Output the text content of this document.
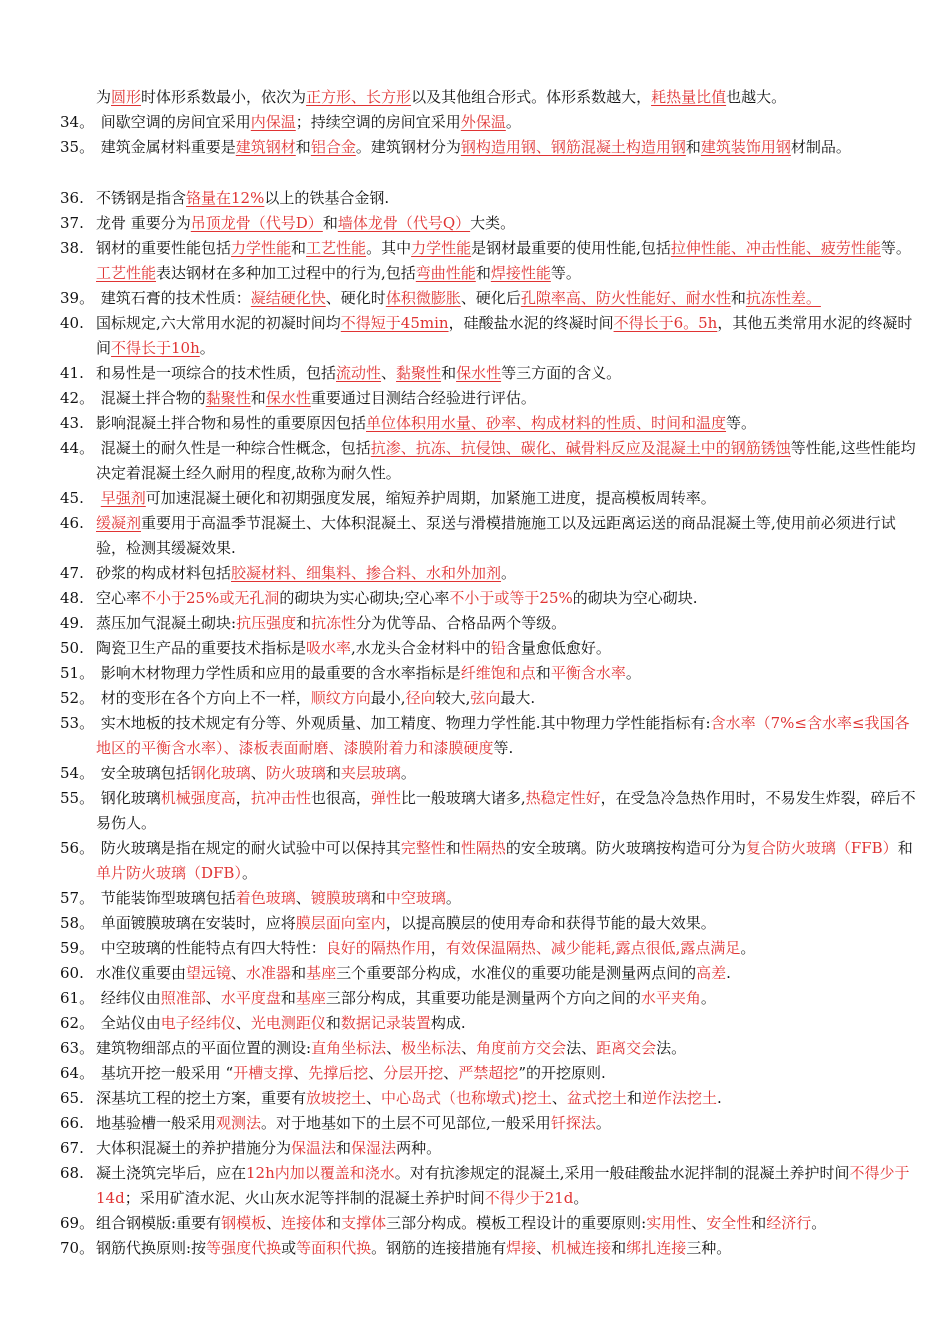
为圆形时体形系数最小，依次为正方形、长方形以及其他组合形式。体形系数越大，耗热量比值也越大。
34。 间歇空调的房间宜采用内保温；持续空调的房间宜采用外保温。
35。 建筑金属材料重要是建筑钢材和铝合金。建筑钢材分为钢构造用钢、钢筋混凝土构造用钢和建筑装饰用钢材制品。
36. 不锈钢是指含铬量在12%以上的铁基合金钢.
37. 龙骨 重要分为吊顶龙骨（代号D）和墙体龙骨（代号Q）大类。
38. 钢材的重要性能包括力学性能和工艺性能。其中力学性能是钢材最重要的使用性能,包括拉伸性能、冲击性能、疲劳性能等。工艺性能表达钢材在多种加工过程中的行为,包括弯曲性能和焊接性能等。
39。 建筑石膏的技术性质：凝结硬化快、硬化时体积微膨胀、硬化后孔隙率高、防火性能好、耐水性和抗冻性差。
40. 国标规定,六大常用水泥的初凝时间均不得短于45min，硅酸盐水泥的终凝时间不得长于6。5h，其他五类常用水泥的终凝时间不得长于10h。
41. 和易性是一项综合的技术性质，包括流动性、黏聚性和保水性等三方面的含义。
42。 混凝土拌合物的黏聚性和保水性重要通过目测结合经验进行评估。
43. 影响混凝土拌合物和易性的重要原因包括单位体积用水量、砂率、构成材料的性质、时间和温度等。
44。 混凝土的耐久性是一种综合性概念，包括抗渗、抗冻、抗侵蚀、碳化、碱骨料反应及混凝土中的钢筋锈蚀等性能,这些性能均决定着混凝土经久耐用的程度,故称为耐久性。
45. 早强剂可加速混凝土硬化和初期强度发展，缩短养护周期，加紧施工进度，提高模板周转率。
46. 缓凝剂重要用于高温季节混凝土、大体积混凝土、泵送与滑模措施施工以及远距离运送的商品混凝土等,使用前必须进行试验，检测其缓凝效果.
47. 砂浆的构成材料包括胶凝材料、细集料、掺合料、水和外加剂。
48. 空心率不小于25%或无孔洞的砌块为实心砌块;空心率不小于或等于25%的砌块为空心砌块.
49. 蒸压加气混凝土砌块:抗压强度和抗冻性分为优等品、合格品两个等级。
50. 陶瓷卫生产品的重要技术指标是吸水率,水龙头合金材料中的铅含量愈低愈好。
51。 影响木材物理力学性质和应用的最重要的含水率指标是纤维饱和点和平衡含水率。
52。 材的变形在各个方向上不一样，顺纹方向最小,径向较大,弦向最大.
53。 实木地板的技术规定有分等、外观质量、加工精度、物理力学性能.其中物理力学性能指标有:含水率（7%≤含水率≤我国各地区的平衡含水率）、漆板表面耐磨、漆膜附着力和漆膜硬度等.
54。 安全玻璃包括钢化玻璃、防火玻璃和夹层玻璃。
55。 钢化玻璃机械强度高，抗冲击性也很高，弹性比一般玻璃大诸多,热稳定性好，在受急冷急热作用时，不易发生炸裂，碎后不易伤人。
56。 防火玻璃是指在规定的耐火试验中可以保持其完整性和性隔热的安全玻璃。防火玻璃按构造可分为复合防火玻璃（FFB）和单片防火玻璃（DFB）。
57。 节能装饰型玻璃包括着色玻璃、镀膜玻璃和中空玻璃。
58。 单面镀膜玻璃在安装时，应将膜层面向室内，以提高膜层的使用寿命和获得节能的最大效果。
59。 中空玻璃的性能特点有四大特性：良好的隔热作用，有效保温隔热、减少能耗,露点很低,露点满足。
60. 水准仪重要由望远镜、水准器和基座三个重要部分构成，水准仪的重要功能是测量两点间的高差.
61。 经纬仪由照准部、水平度盘和基座三部分构成，其重要功能是测量两个方向之间的水平夹角。
62。 全站仪由电子经纬仪、光电测距仪和数据记录装置构成.
63。 建筑物细部点的平面位置的测设:直角坐标法、极坐标法、角度前方交会法、距离交会法。
64。 基坑开挖一般采用 “开槽支撑、先撑后挖、分层开挖、严禁超挖”的开挖原则.
65. 深基坑工程的挖土方案，重要有放坡挖土、中心岛式（也称墩式)挖土、盆式挖土和逆作法挖土.
66. 地基验槽一般采用观测法。对于地基如下的土层不可见部位,一般采用钎探法。
67. 大体积混凝土的养护措施分为保温法和保湿法两种。
68. 凝土浇筑完毕后，应在12h内加以覆盖和浇水。对有抗渗规定的混凝土,采用一般硅酸盐水泥拌制的混凝土养护时间不得少于14d；采用矿渣水泥、火山灰水泥等拌制的混凝土养护时间不得少于21d。
69。 组合钢模版:重要有钢模板、连接体和支撑体三部分构成。模板工程设计的重要原则:实用性、安全性和经济行。
70。 钢筋代换原则:按等强度代换或等面积代换。钢筋的连接措施有焊接、机械连接和绑扎连接三种。
